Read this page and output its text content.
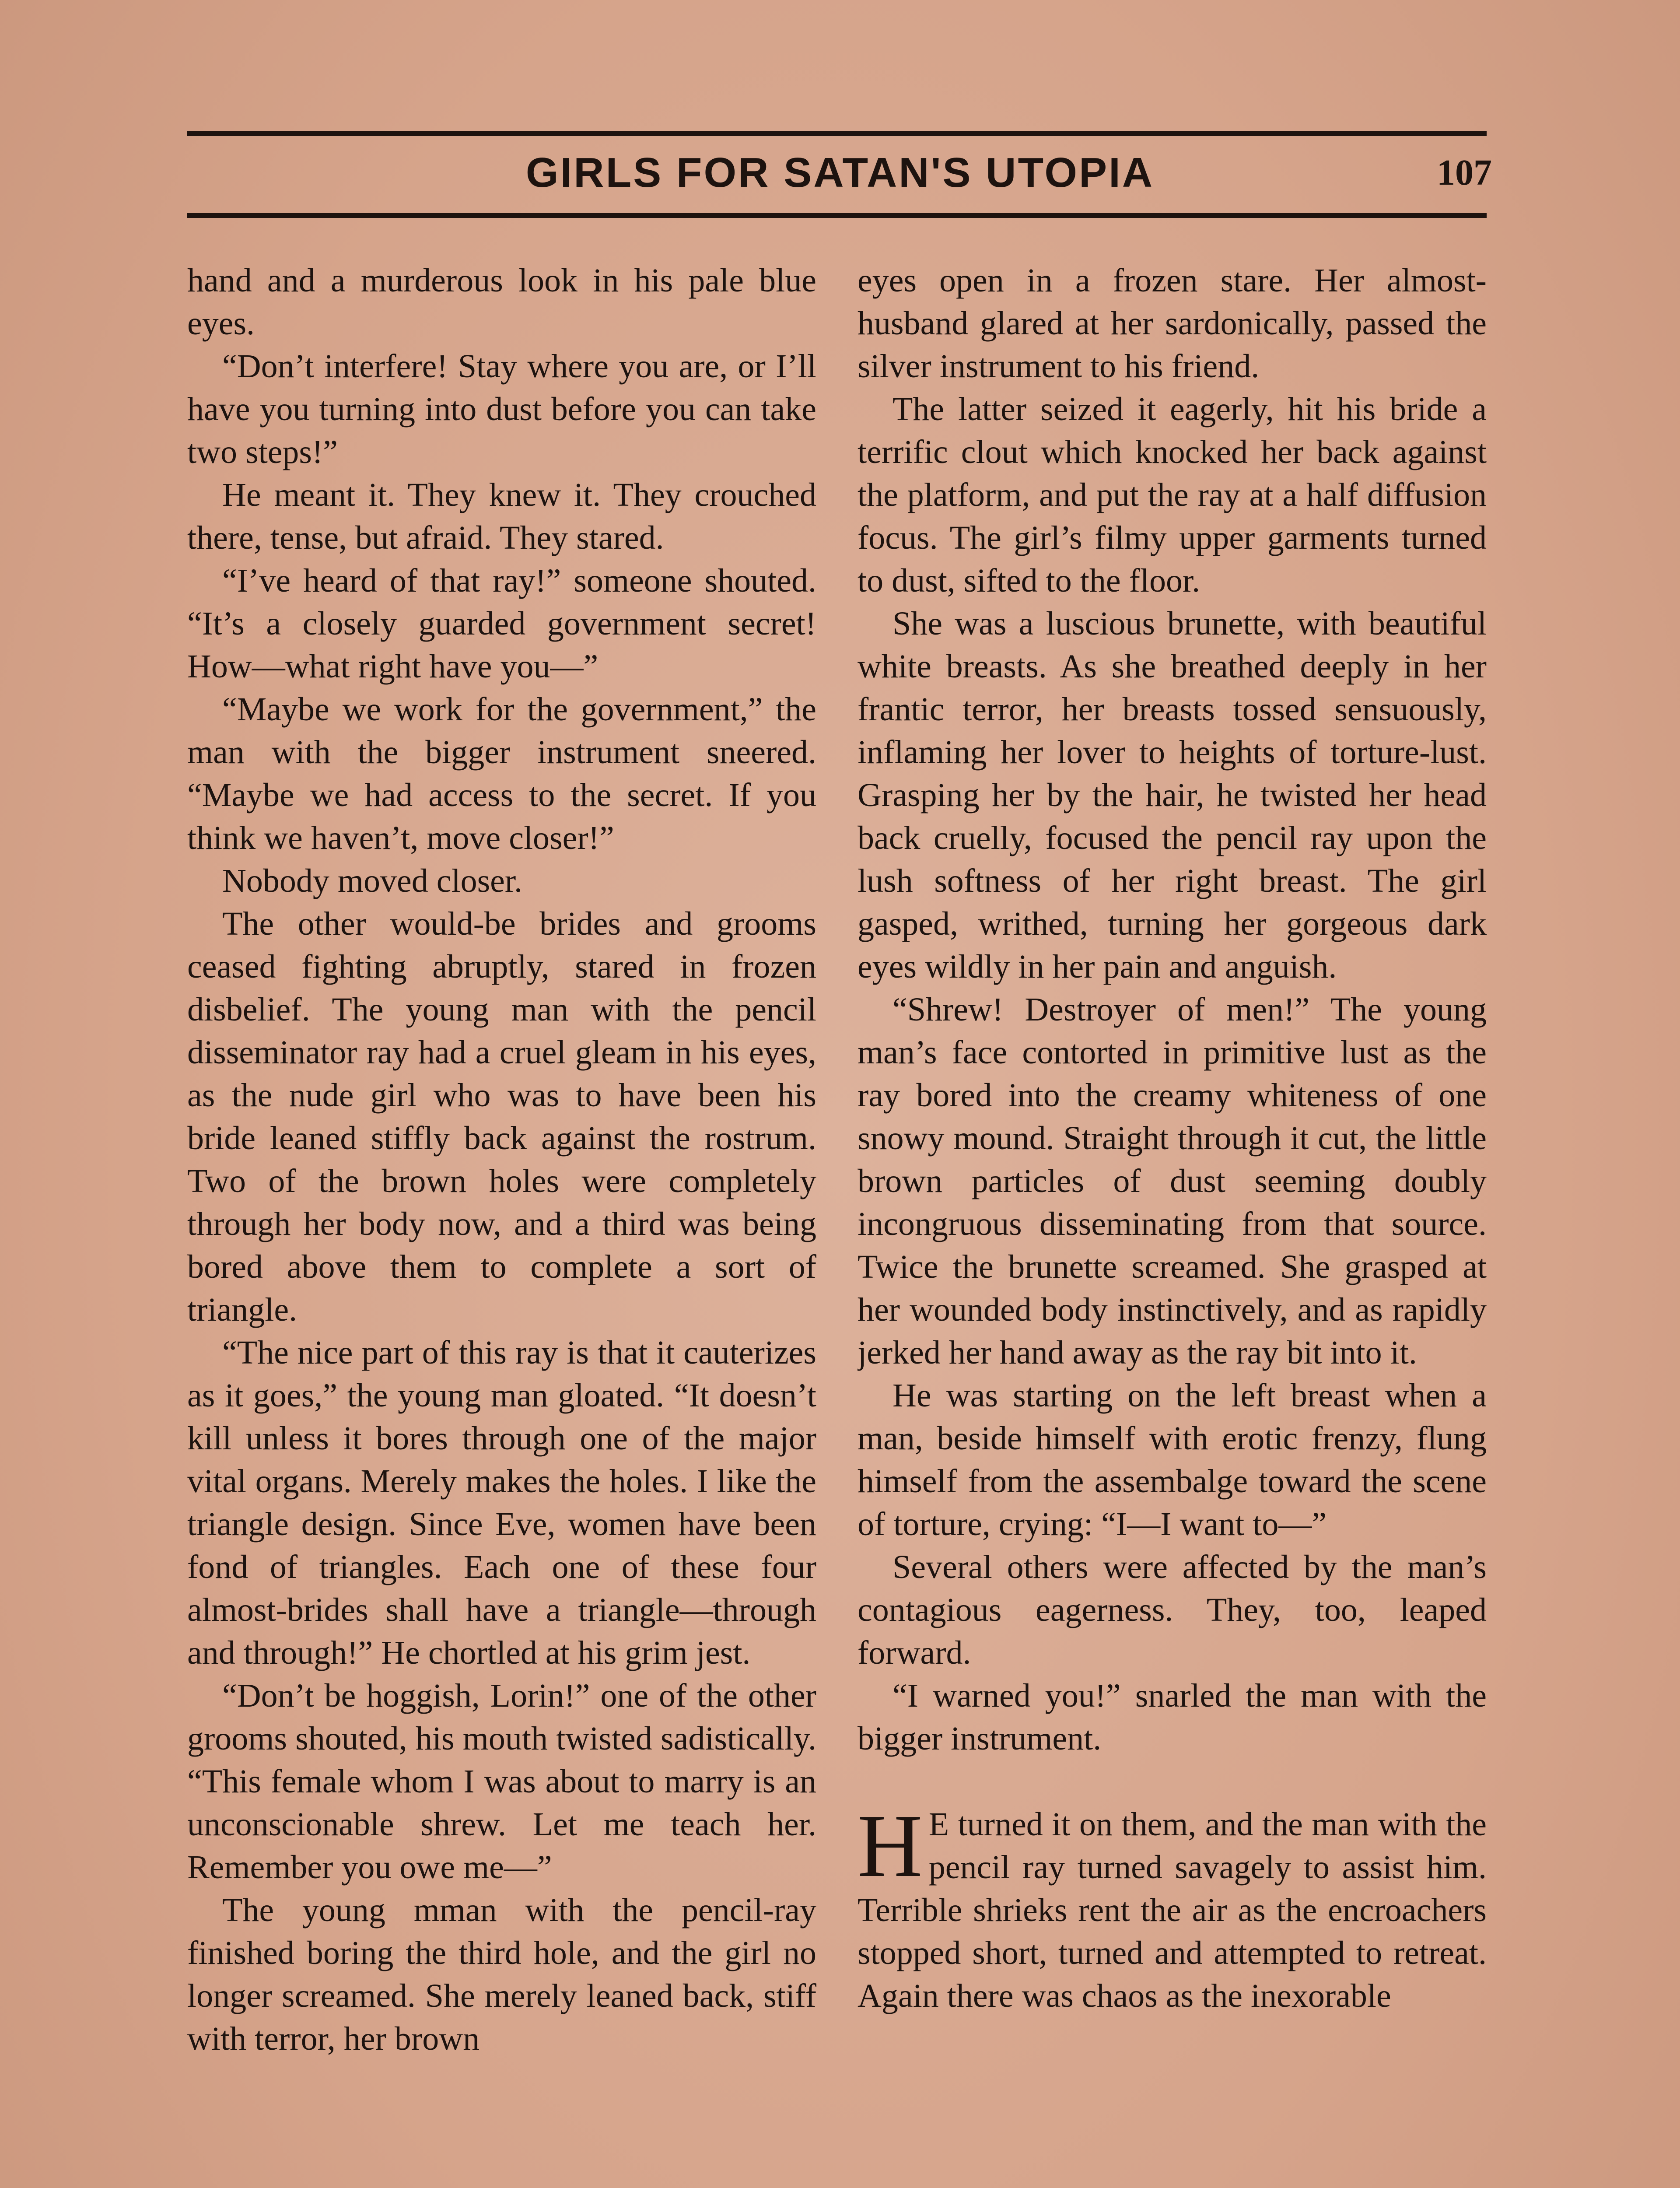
GIRLS FOR SATAN'S UTOPIA	107

hand and a murderous look in his pale blue eyes.

“Don’t interfere! Stay where you are, or I’ll have you turning into dust before you can take two steps!”

He meant it. They knew it. They crouched there, tense, but afraid. They stared.

“I’ve heard of that ray!” someone shouted. “It’s a closely guarded government secret! How—what right have you—”

“Maybe we work for the government,” the man with the bigger instrument sneered. “Maybe we had access to the secret. If you think we haven’t, move closer!”

Nobody moved closer.

The other would-be brides and grooms ceased fighting abruptly, stared in frozen disbelief. The young man with the pencil disseminator ray had a cruel gleam in his eyes, as the nude girl who was to have been his bride leaned stiffly back against the rostrum. Two of the brown holes were completely through her body now, and a third was being bored above them to complete a sort of triangle.

“The nice part of this ray is that it cauterizes as it goes,” the young man gloated. “It doesn’t kill unless it bores through one of the major vital organs. Merely makes the holes. I like the triangle design. Since Eve, women have been fond of triangles. Each one of these four almost-brides shall have a triangle—through and through!” He chortled at his grim jest.

“Don’t be hoggish, Lorin!” one of the other grooms shouted, his mouth twisted sadistically. “This female whom I was about to marry is an unconscionable shrew. Let me teach her. Remember you owe me—”

The young mman with the pencil-ray finished boring the third hole, and the girl no longer screamed. She merely leaned back, stiff with terror, her brown

eyes open in a frozen stare. Her almost-husband glared at her sardonically, passed the silver instrument to his friend.

The latter seized it eagerly, hit his bride a terrific clout which knocked her back against the platform, and put the ray at a half diffusion focus. The girl’s filmy upper garments turned to dust, sifted to the floor.

She was a luscious brunette, with beautiful white breasts. As she breathed deeply in her frantic terror, her breasts tossed sensuously, inflaming her lover to heights of torture-lust. Grasping her by the hair, he twisted her head back cruelly, focused the pencil ray upon the lush softness of her right breast. The girl gasped, writhed, turning her gorgeous dark eyes wildly in her pain and anguish.

“Shrew! Destroyer of men!” The young man’s face contorted in primitive lust as the ray bored into the creamy whiteness of one snowy mound. Straight through it cut, the little brown particles of dust seeming doubly incongruous disseminating from that source. Twice the brunette screamed. She grasped at her wounded body instinctively, and as rapidly jerked her hand away as the ray bit into it.

He was starting on the left breast when a man, beside himself with erotic frenzy, flung himself from the assembalge toward the scene of torture, crying: “I—I want to—”

Several others were affected by the man’s contagious eagerness. They, too, leaped forward.

“I warned you!” snarled the man with the bigger instrument.

H E turned it on them, and the man with the pencil ray turned savagely to assist him. Terrible shrieks rent the air as the encroachers stopped short, turned and attempted to retreat. Again there was chaos as the inexorable
